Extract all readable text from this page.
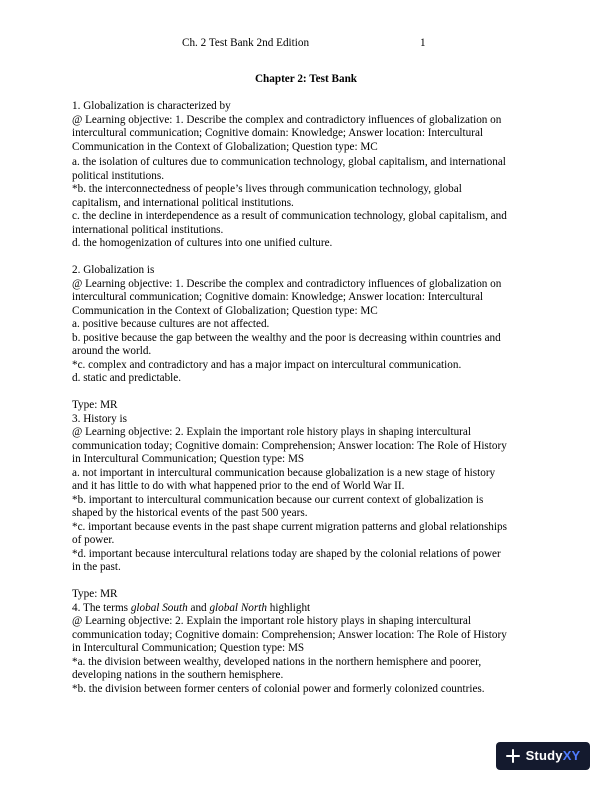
Ch. 2 Test Bank 2nd Edition	1
Chapter 2: Test Bank
1. Globalization is characterized by
@ Learning objective: 1. Describe the complex and contradictory influences of globalization on
intercultural communication; Cognitive domain: Knowledge; Answer location: Intercultural
Communication in the Context of Globalization; Question type: MC
a. the isolation of cultures due to communication technology, global capitalism, and international
political institutions.
*b. the interconnectedness of people’s lives through communication technology, global
capitalism, and international political institutions.
c. the decline in interdependence as a result of communication technology, global capitalism, and
international political institutions.
d. the homogenization of cultures into one unified culture.
2. Globalization is
@ Learning objective: 1. Describe the complex and contradictory influences of globalization on
intercultural communication; Cognitive domain: Knowledge; Answer location: Intercultural
Communication in the Context of Globalization; Question type: MC
a. positive because cultures are not affected.
b. positive because the gap between the wealthy and the poor is decreasing within countries and
around the world.
*c. complex and contradictory and has a major impact on intercultural communication.
d. static and predictable.
Type: MR
3. History is
@ Learning objective: 2. Explain the important role history plays in shaping intercultural
communication today; Cognitive domain: Comprehension; Answer location: The Role of History
in Intercultural Communication; Question type: MS
a. not important in intercultural communication because globalization is a new stage of history
and it has little to do with what happened prior to the end of World War II.
*b. important to intercultural communication because our current context of globalization is
shaped by the historical events of the past 500 years.
*c. important because events in the past shape current migration patterns and global relationships
of power.
*d. important because intercultural relations today are shaped by the colonial relations of power
in the past.
Type: MR
4. The terms global South and global North highlight
@ Learning objective: 2. Explain the important role history plays in shaping intercultural
communication today; Cognitive domain: Comprehension; Answer location: The Role of History
in Intercultural Communication; Question type: MS
*a. the division between wealthy, developed nations in the northern hemisphere and poorer,
developing nations in the southern hemisphere.
*b. the division between former centers of colonial power and formerly colonized countries.
StudyXY
